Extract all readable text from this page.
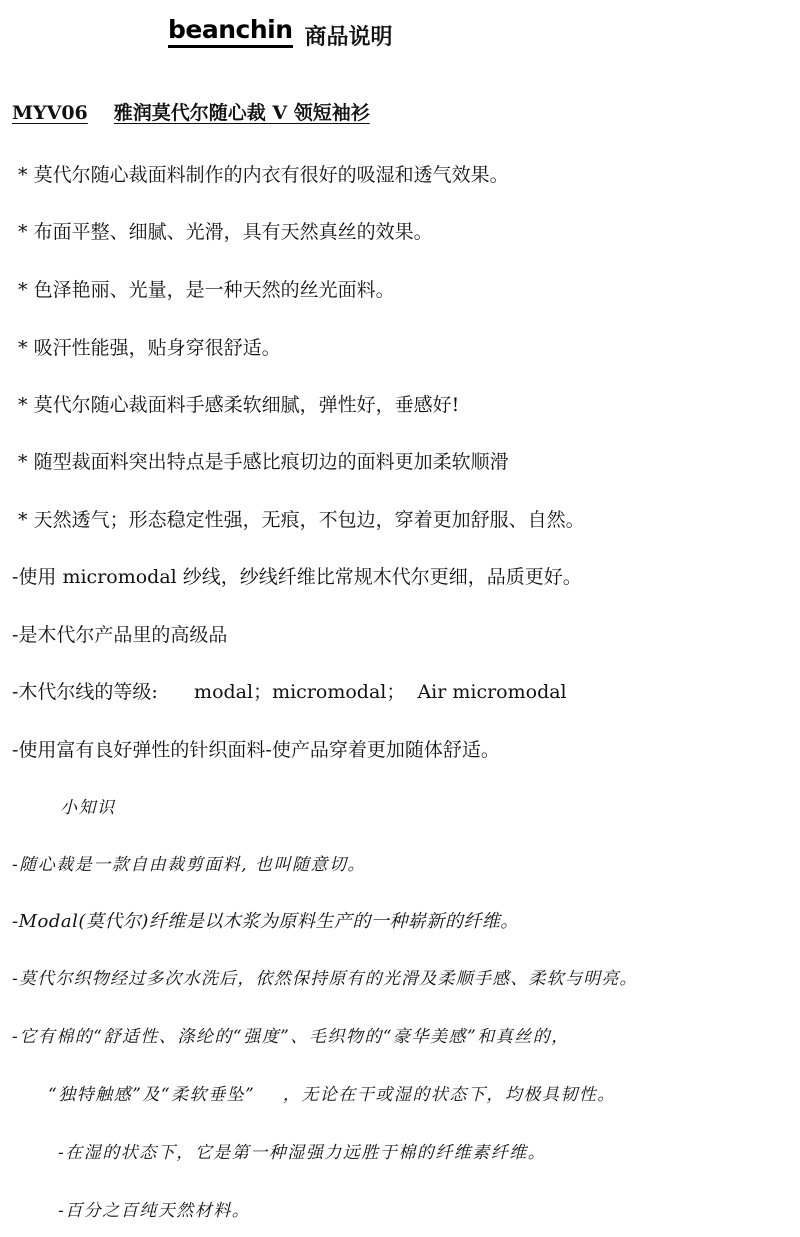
beanchin 商品说明
MYV06 雅润莫代尔随心裁 V 领短袖衫
* 莫代尔随心裁面料制作的内衣有很好的吸湿和透气效果。
* 布面平整、细腻、光滑，具有天然真丝的效果。
* 色泽艳丽、光量，是一种天然的丝光面料。
* 吸汗性能强，贴身穿很舒适。
* 莫代尔随心裁面料手感柔软细腻，弹性好，垂感好!
* 随型裁面料突出特点是手感比痕切边的面料更加柔软顺滑
* 天然透气；形态稳定性强，无痕，不包边，穿着更加舒服、自然。
-使用 micromodal 纱线，纱线纤维比常规木代尔更细，品质更好。
-是木代尔产品里的高级品
-木代尔线的等级:      modal；micromodal；  Air micromodal
-使用富有良好弹性的针织面料-使产品穿着更加随体舒适。
小知识
-随心裁是一款自由裁剪面料, 也叫随意切。
-Modal(莫代尔)纤维是以木浆为原料生产的一种崭新的纤维。
-莫代尔织物经过多次水洗后，依然保持原有的光滑及柔顺手感、柔软与明亮。
-它有棉的“舒适性、涤纶的“强度”、毛织物的“豪华美感”和真丝的，
“独特触感”及“柔软垂坠”    ，无论在干或湿的状态下，均极具韧性。
-在湿的状态下，它是第一种湿强力远胜于棉的纤维素纤维。
-百分之百纯天然材料。
